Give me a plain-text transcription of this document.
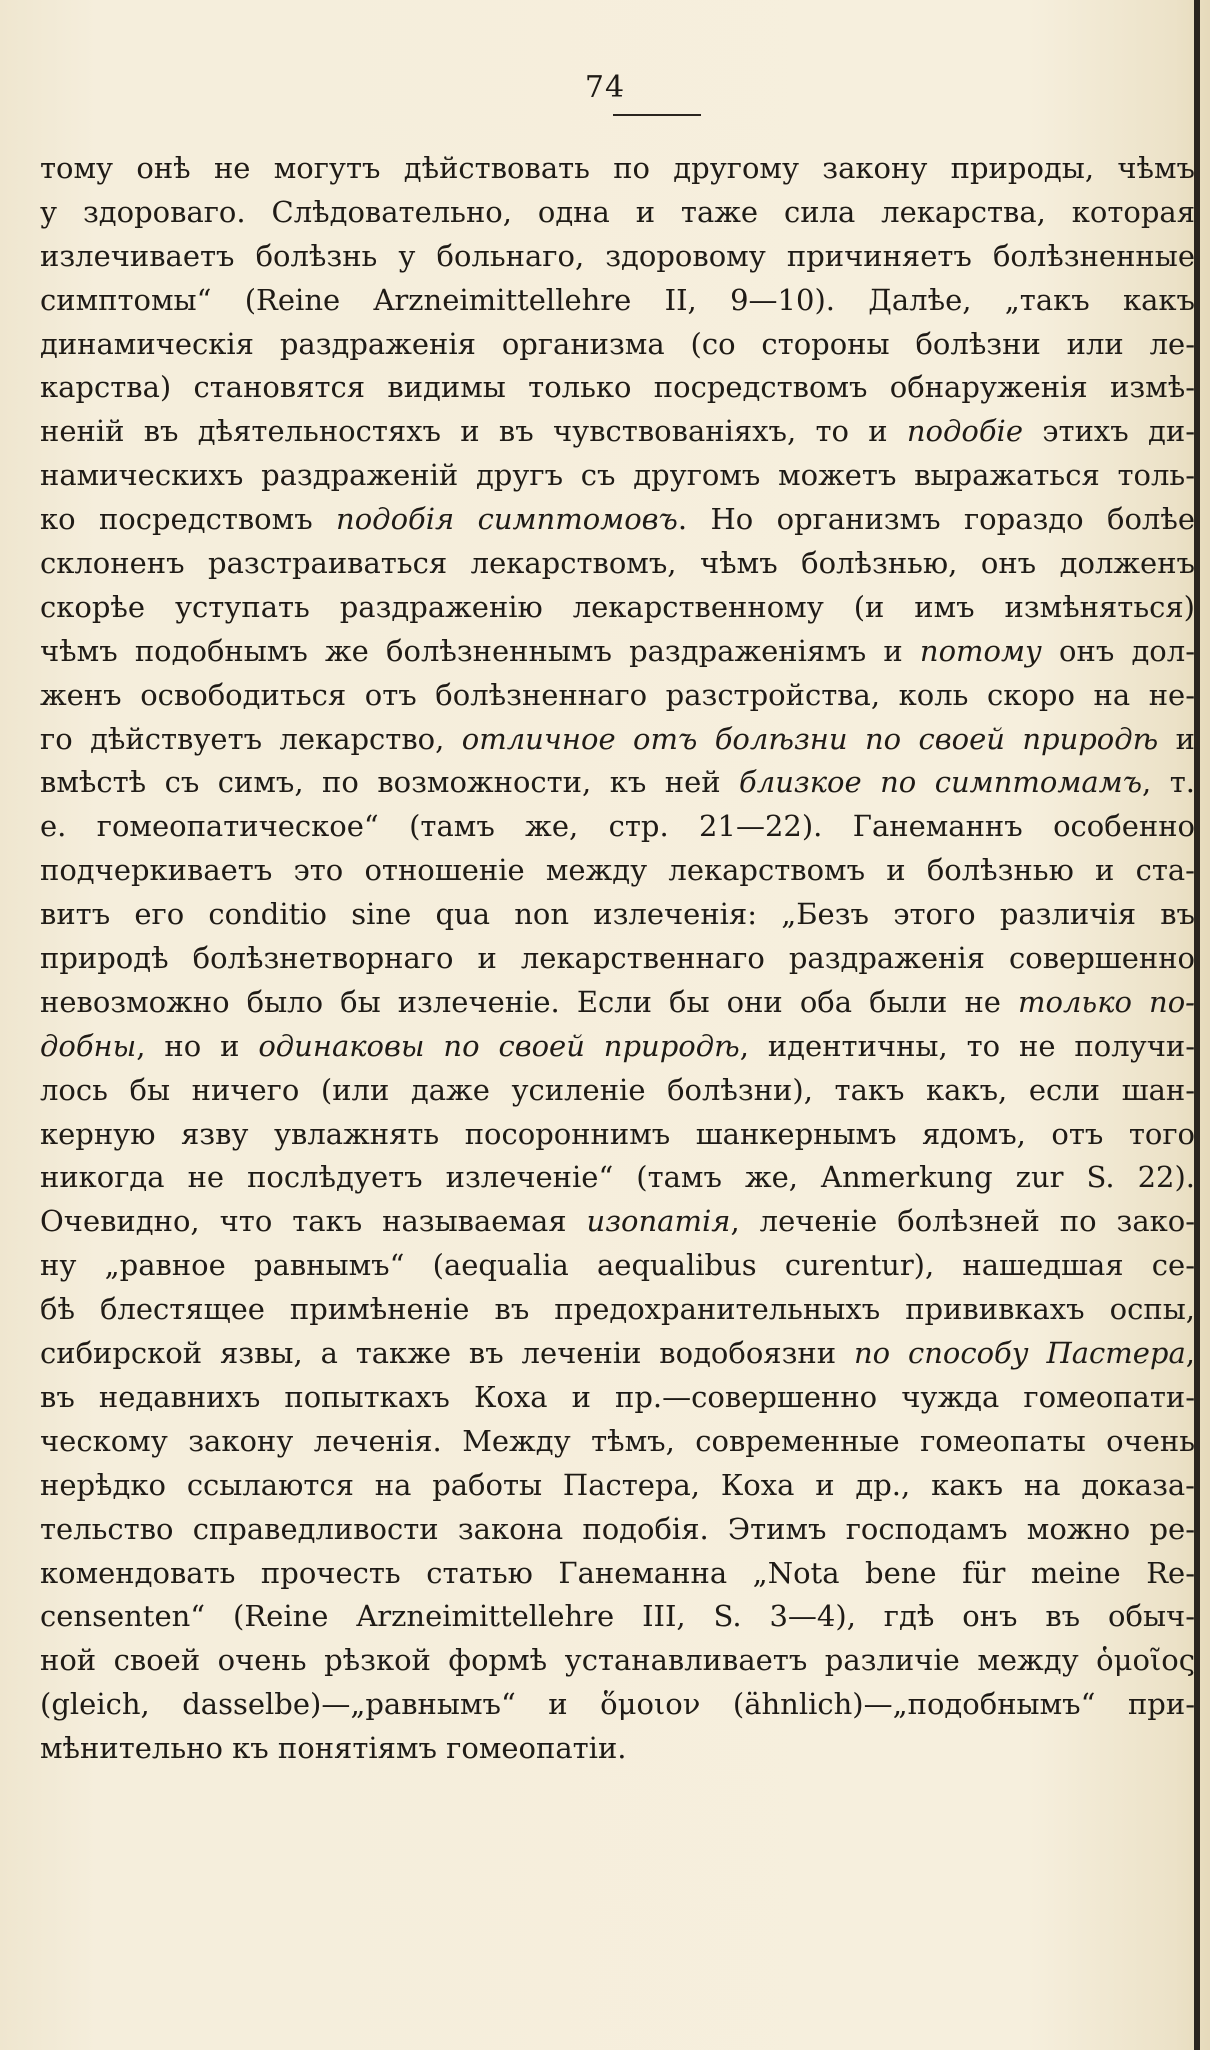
74
тому онѣ не могутъ дѣйствовать по другому закону природы, чѣмъ
у здороваго. Слѣдовательно, одна и таже сила лекарства, которая
излечиваетъ болѣзнь у больнаго, здоровому причиняетъ болѣзненные
симптомы“ (Reine Arzneimittellehre II, 9—10). Далѣе, „такъ какъ
динамическія раздраженія организма (со стороны болѣзни или ле-
карства) становятся видимы только посредствомъ обнаруженія измѣ-
неній въ дѣятельностяхъ и въ чувствованіяхъ, то и подобіе этихъ ди-
намическихъ раздраженій другъ съ другомъ можетъ выражаться толь-
ко посредствомъ подобія симптомовъ. Но организмъ гораздо болѣе
склоненъ разстраиваться лекарствомъ, чѣмъ болѣзнью, онъ долженъ
скорѣе уступать раздраженію лекарственному (и имъ измѣняться)
чѣмъ подобнымъ же болѣзненнымъ раздраженіямъ и потому онъ дол-
женъ освободиться отъ болѣзненнаго разстройства, коль скоро на не-
го дѣйствуетъ лекарство, отличное отъ болѣзни по своей природѣ и
вмѣстѣ съ симъ, по возможности, къ ней близкое по симптомамъ, т.
е. гомеопатическое“ (тамъ же, стр. 21—22). Ганеманнъ особенно
подчеркиваетъ это отношеніе между лекарствомъ и болѣзнью и ста-
витъ его conditio sine qua non излеченія: „Безъ этого различія въ
природѣ болѣзнетворнаго и лекарственнаго раздраженія совершенно
невозможно было бы излеченіе. Если бы они оба были не только по-
добны, но и одинаковы по своей природѣ, идентичны, то не получи-
лось бы ничего (или даже усиленіе болѣзни), такъ какъ, если шан-
керную язву увлажнять посороннимъ шанкернымъ ядомъ, отъ того
никогда не послѣдуетъ излеченіе“ (тамъ же, Anmerkung zur S. 22).
Очевидно, что такъ называемая изопатія, леченіе болѣзней по зако-
ну „равное равнымъ“ (aequalia aequalibus curentur), нашедшая се-
бѣ блестящее примѣненіе въ предохранительныхъ прививкахъ оспы,
сибирской язвы, а также въ леченіи водобоязни по способу Пастера,
въ недавнихъ попыткахъ Коха и пр.—совершенно чужда гомеопати-
ческому закону леченія. Между тѣмъ, современные гомеопаты очень
нерѣдко ссылаются на работы Пастера, Коха и др., какъ на доказа-
тельство справедливости закона подобія. Этимъ господамъ можно ре-
комендовать прочесть статью Ганеманна „Nota bene für meine Re-
censenten“ (Reine Arzneimittellehre III, S. 3—4), гдѣ онъ въ обыч-
ной своей очень рѣзкой формѣ устанавливаетъ различіе между ὁμοῖος
(gleich, dasselbe)—„равнымъ“ и ὅμοιον (ähnlich)—„подобнымъ“ при-
мѣнительно къ понятіямъ гомеопатіи.
